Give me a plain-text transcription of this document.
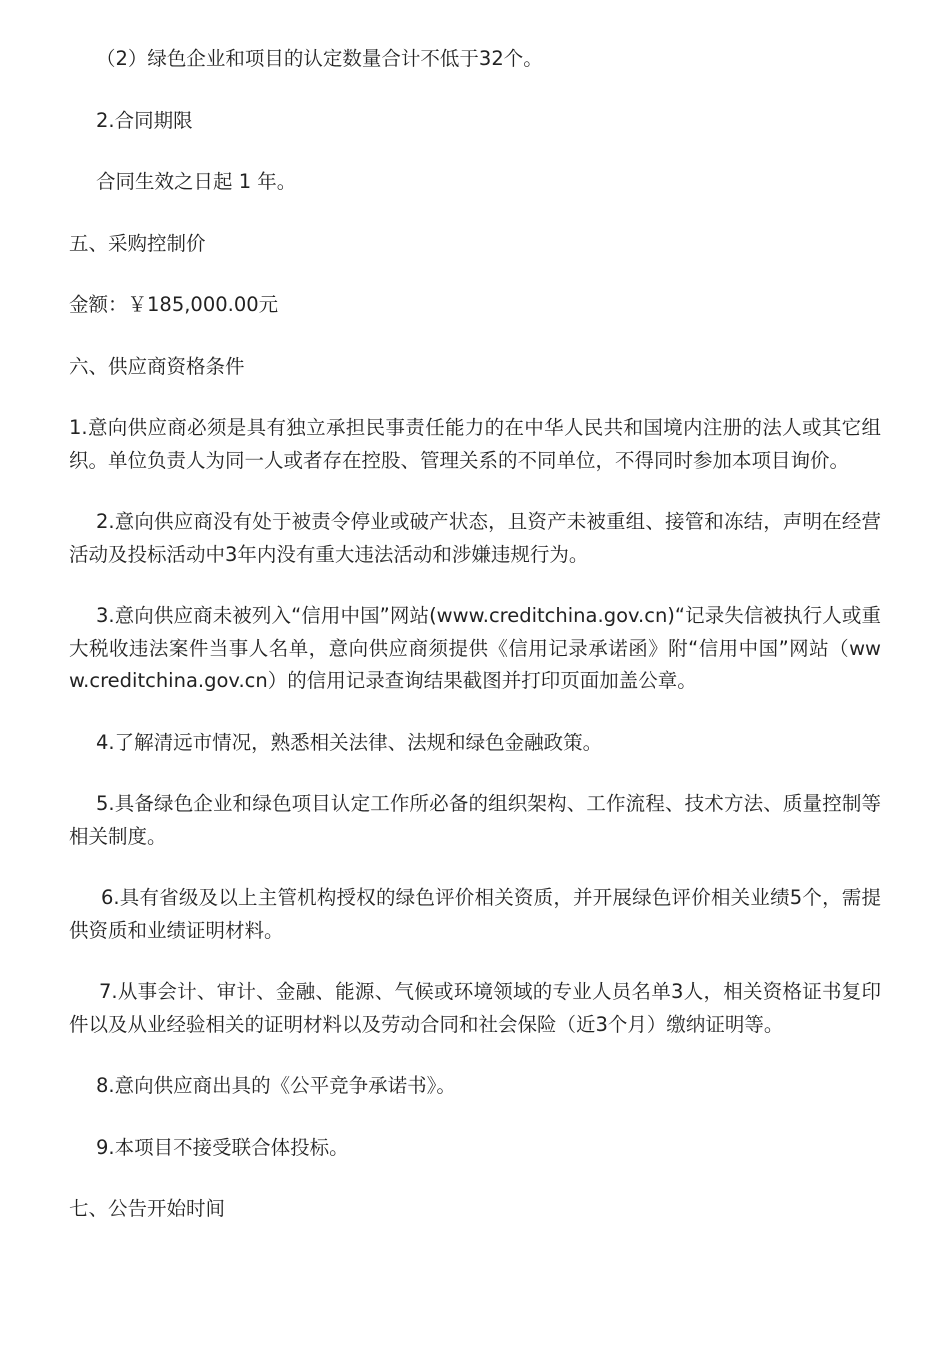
（2）绿色企业和项目的认定数量合计不低于32个。

2.合同期限

合同生效之日起 1 年。

五、采购控制价

金额：￥185,000.00元

六、供应商资格条件

1.意向供应商必须是具有独立承担民事责任能力的在中华人民共和国境内注册的法人或其它组织。单位负责人为同一人或者存在控股、管理关系的不同单位，不得同时参加本项目询价。

2.意向供应商没有处于被责令停业或破产状态，且资产未被重组、接管和冻结，声明在经营活动及投标活动中3年内没有重大违法活动和涉嫌违规行为。

3.意向供应商未被列入“信用中国”网站(www.creditchina.gov.cn)“记录失信被执行人或重大税收违法案件当事人名单，意向供应商须提供《信用记录承诺函》附“信用中国”网站（www.creditchina.gov.cn）的信用记录查询结果截图并打印页面加盖公章。

4.了解清远市情况，熟悉相关法律、法规和绿色金融政策。

5.具备绿色企业和绿色项目认定工作所必备的组织架构、工作流程、技术方法、质量控制等相关制度。

6.具有省级及以上主管机构授权的绿色评价相关资质，并开展绿色评价相关业绩5个，需提供资质和业绩证明材料。

7.从事会计、审计、金融、能源、气候或环境领域的专业人员名单3人，相关资格证书复印件以及从业经验相关的证明材料以及劳动合同和社会保险（近3个月）缴纳证明等。

8.意向供应商出具的《公平竞争承诺书》。

9.本项目不接受联合体投标。

七、公告开始时间
